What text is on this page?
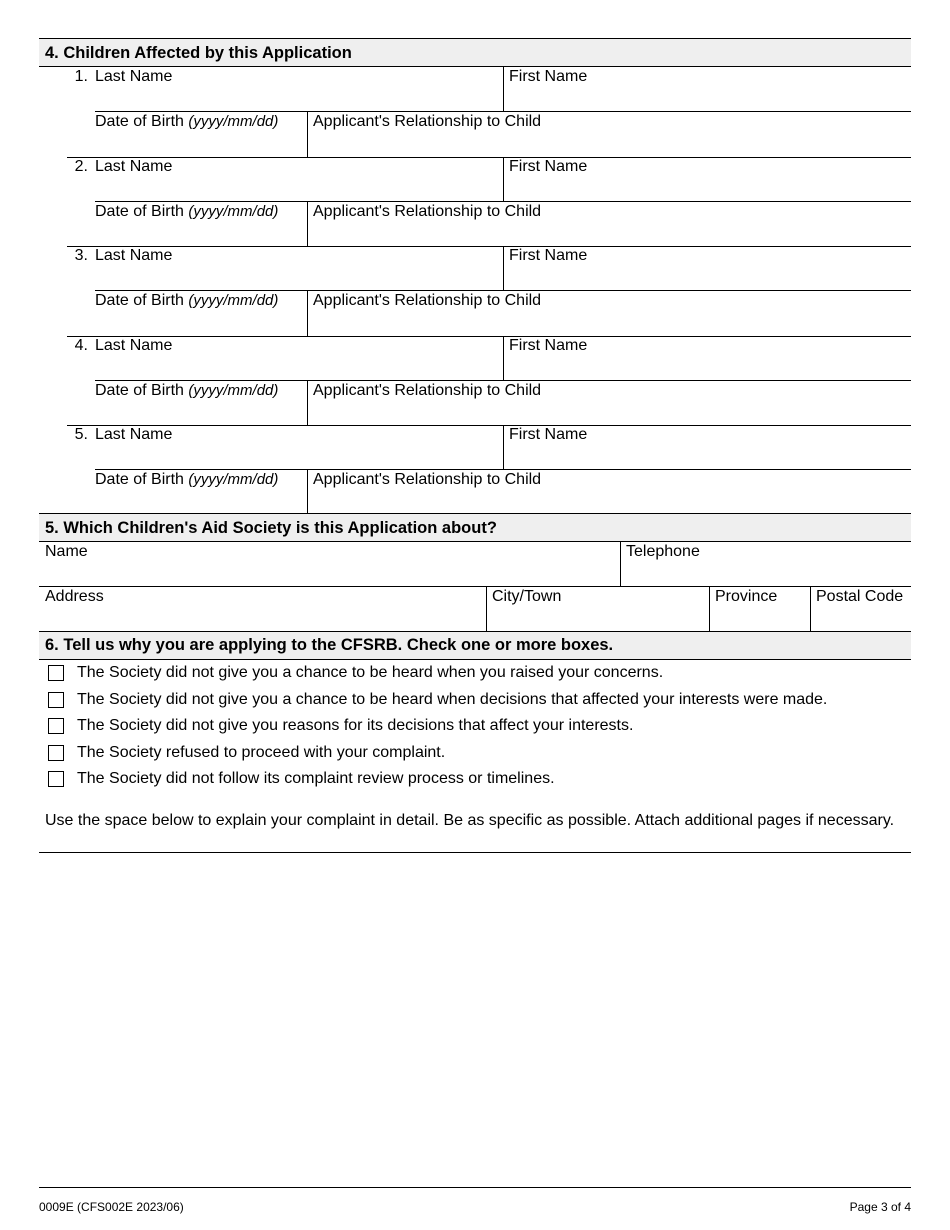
4. Children Affected by this Application
1. Last Name	First Name
Date of Birth (yyyy/mm/dd) Applicant's Relationship to Child
2. Last Name	First Name
Date of Birth (yyyy/mm/dd) Applicant's Relationship to Child
3. Last Name	First Name
Date of Birth (yyyy/mm/dd) Applicant's Relationship to Child
4. Last Name	First Name
Date of Birth (yyyy/mm/dd) Applicant's Relationship to Child
5. Last Name	First Name
Date of Birth (yyyy/mm/dd) Applicant's Relationship to Child
5. Which Children's Aid Society is this Application about?
Name	Telephone
Address	City/Town	Province Postal Code
6. Tell us why you are applying to the CFSRB. Check one or more boxes.
The Society did not give you a chance to be heard when you raised your concerns.
The Society did not give you a chance to be heard when decisions that affected your interests were made.
The Society did not give you reasons for its decisions that affect your interests.
The Society refused to proceed with your complaint.
The Society did not follow its complaint review process or timelines.
Use the space below to explain your complaint in detail. Be as specific as possible. Attach additional pages if necessary.
0009E (CFS002E 2023/06)	Page 3 of 4
